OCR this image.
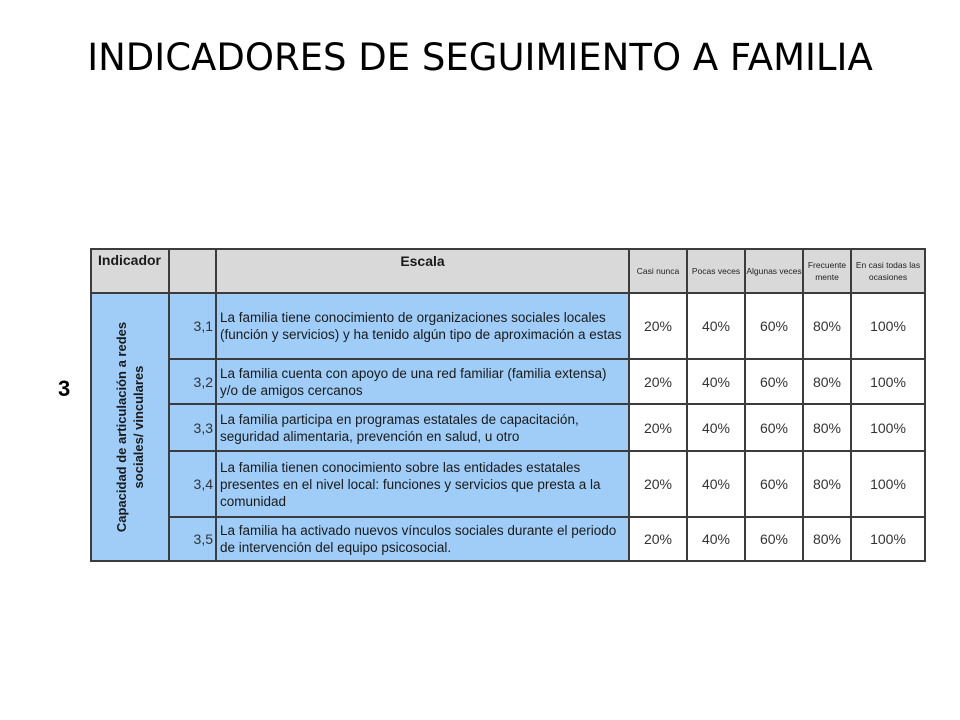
INDICADORES DE SEGUIMIENTO A FAMILIA
3
Indicador		Escala	Casi nunca	Pocas veces	Algunas veces	Frecuente mente	En casi todas las ocasiones

Capacidad de articulación a redes sociales/ vinculares	3,1	La familia tiene conocimiento de organizaciones sociales locales (función y servicios) y ha tenido algún tipo de aproximación a estas	20%	40%	60%	80%	100%
	3,2	La familia cuenta con apoyo de una red familiar (familia extensa) y/o de amigos cercanos	20%	40%	60%	80%	100%
	3,3	La familia participa en programas estatales de capacitación, seguridad alimentaria, prevención en salud, u otro	20%	40%	60%	80%	100%
	3,4	La familia tienen conocimiento sobre las entidades estatales presentes en el nivel local: funciones y servicios que presta a la comunidad	20%	40%	60%	80%	100%
	3,5	La familia ha activado nuevos vínculos sociales durante el periodo de intervención del equipo psicosocial.	20%	40%	60%	80%	100%
